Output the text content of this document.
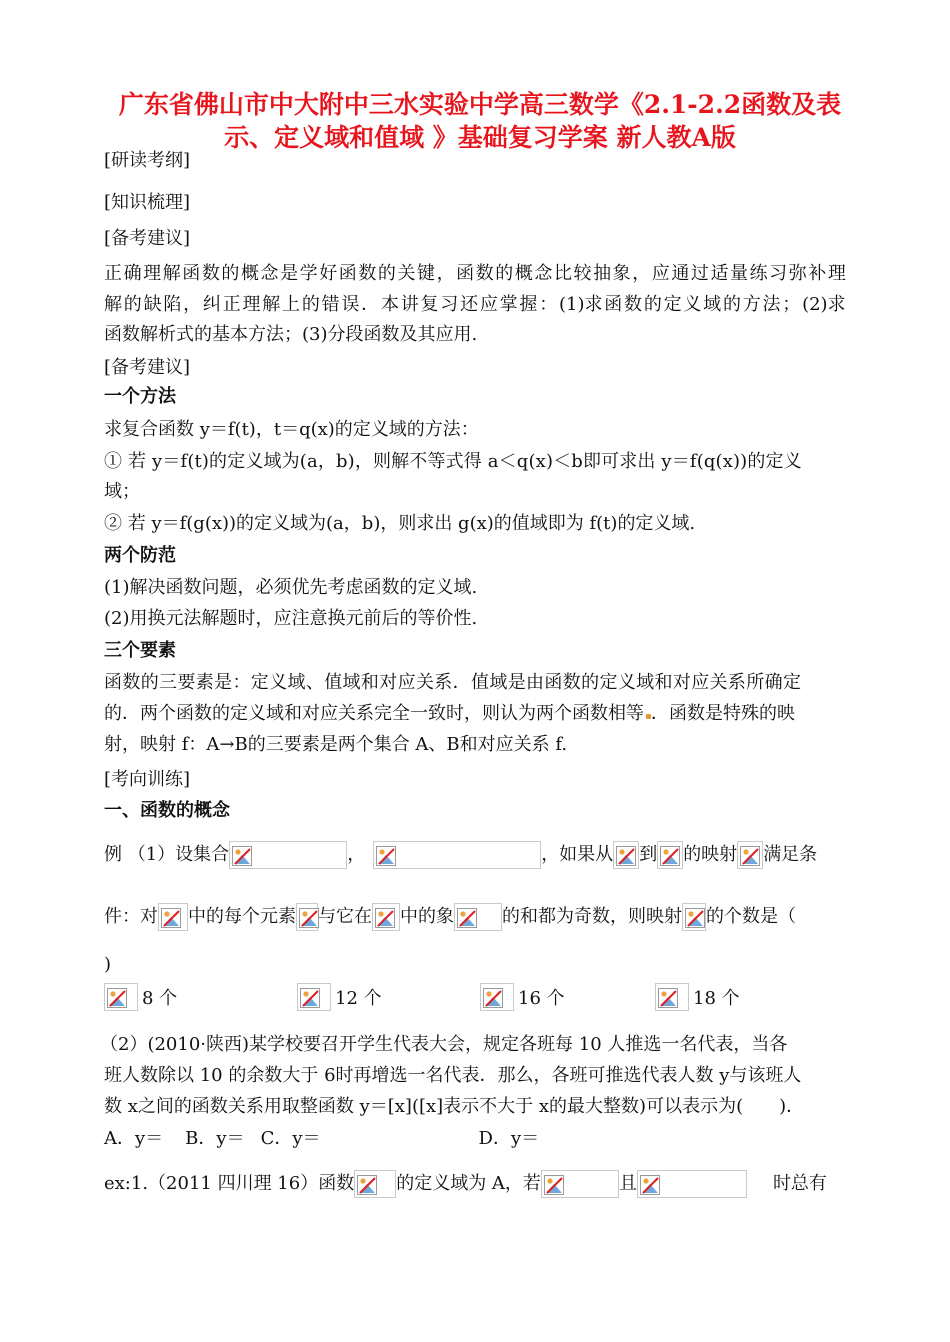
广东省佛山市中大附中三水实验中学高三数学《2.1-2.2函数及表
示、定义域和值域 》基础复习学案 新人教A版
[研读考纲]
[知识梳理]
[备考建议]
正 确 理 解 函 数 的 概 念 是 学 好 函 数 的 关 键 ， 函 数 的 概 念 比 较 抽 象 ， 应 通 过 适 量 练 习 弥 补 理
解 的 缺 陷 ， 纠 正 理 解 上 的 错 误 ． 本 讲 复 习 还 应 掌 握 ： (1)求 函 数 的 定 义 域 的 方 法 ； (2)求
函数解析式的基本方法；(3)分段函数及其应用.
[备考建议]
一个方法
求复合函数 y＝f(t)，t＝q(x)的定义域的方法：
① 若 y＝f(t)的定义域为(a，b)，则解不等式得 a＜q(x)＜b即可求出 y＝f(q(x))的定义
域；
② 若 y＝f(g(x))的定义域为(a，b)，则求出 g(x)的值域即为 f(t)的定义域.
两个防范
(1)解决函数问题，必须优先考虑函数的定义域.
(2)用换元法解题时，应注意换元前后的等价性.
三个要素
函数的三要素是：定义域、值域和对应关系．值域是由函数的定义域和对应关系所确定
的．两个函数的定义域和对应关系完全一致时，则认为两个函数相等 ．函数是特殊的映
射，映射 f：A→B的三要素是两个集合 A、B和对应关系 f.
[考向训练]
一、函数的概念
例 （1）设集合	，	，如果从 到 的映射 满足条
件：对 中的每个元素 与它在 中的象	的和都为奇数，则映射 的个数是（
)
8 个	12 个	16 个	18 个
（2）(2010·陕西)某学校要召开学生代表大会，规定各班每 10 人推选一名代表，当各
班人数除以 10 的余数大于 6时再增选一名代表．那么，各班可推选代表人数 y与该班人
数 x之间的函数关系用取整函数 y＝[x]([x]表示不大于 x的最大整数)可以表示为(　　)．
A．y＝ B．y＝ C．y＝	D．y＝
ex:1.（2011 四川理 16）函数 的定义域为 A，若	且	时总有
